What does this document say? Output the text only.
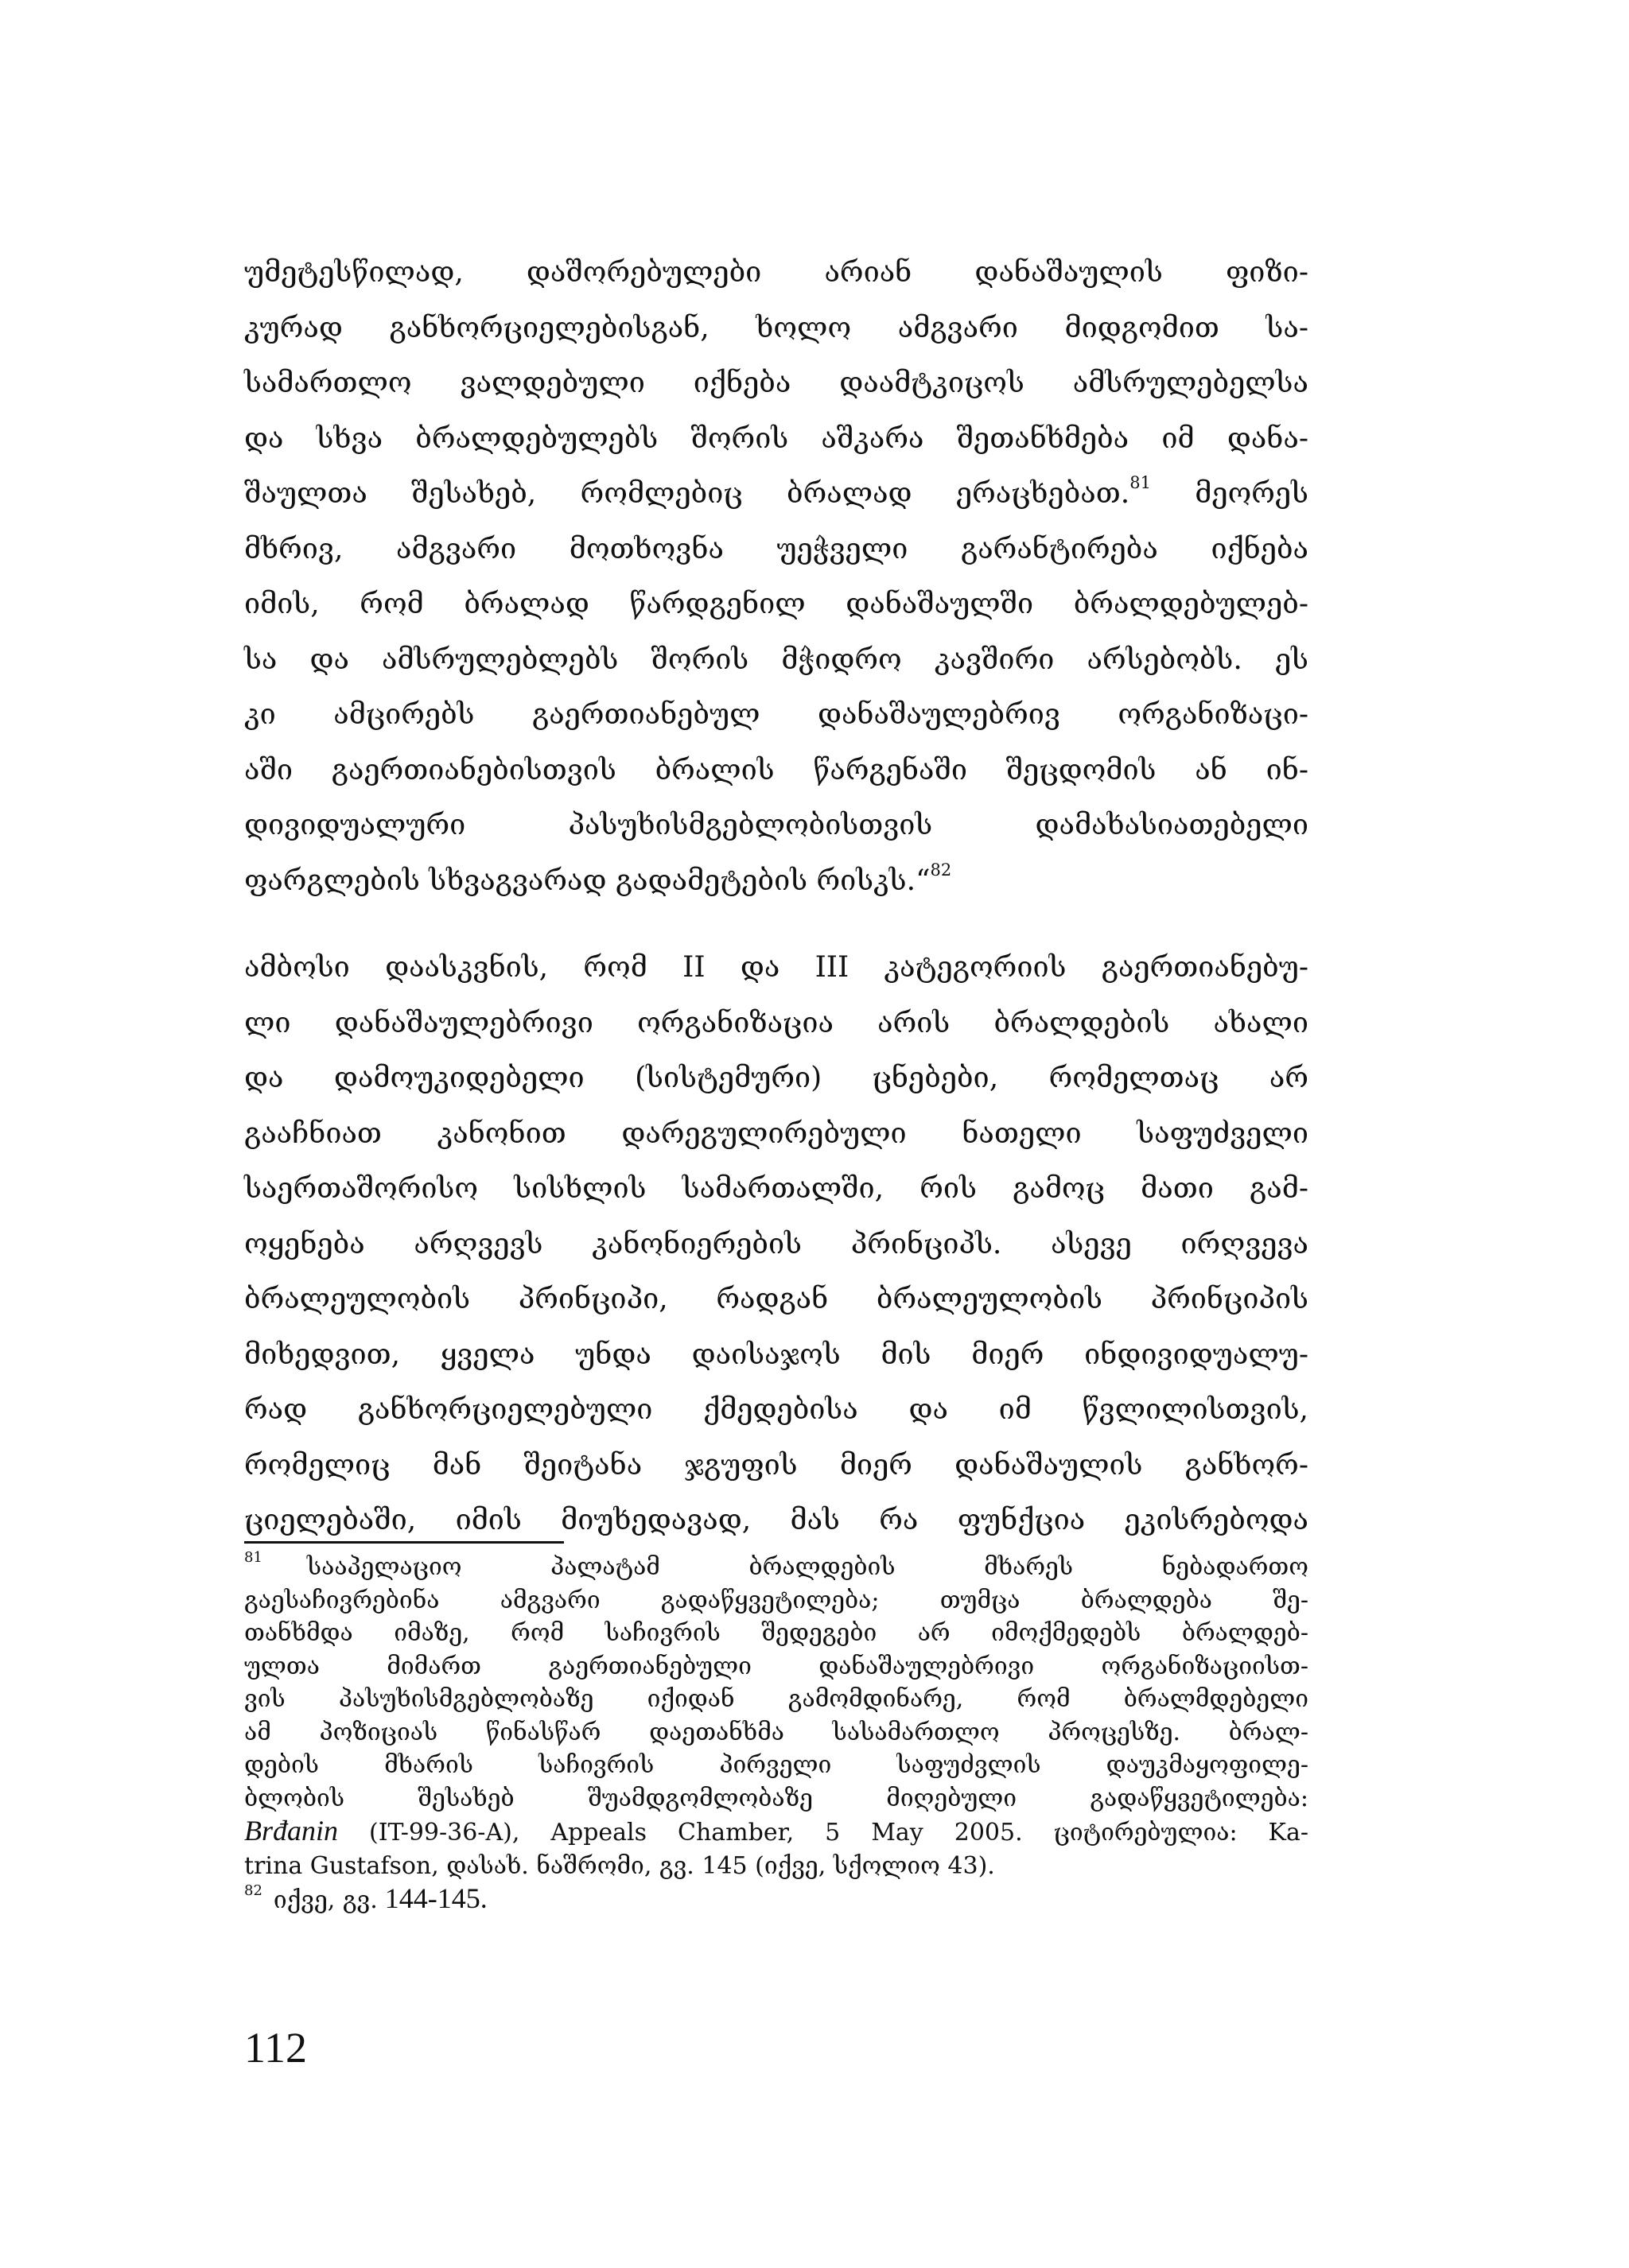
უმეტესწილად, დაშორებულები არიან დანაშაულის ფიზი-
კურად განხორციელებისგან, ხოლო ამგვარი მიდგომით სა-
სამართლო ვალდებული იქნება დაამტკიცოს ამსრულებელსა
და სხვა ბრალდებულებს შორის აშკარა შეთანხმება იმ დანა-
შაულთა შესახებ, რომლებიც ბრალად ერაცხებათ.$^{81}$ მეორეს
მხრივ, ამგვარი მოთხოვნა უეჭველი გარანტირება იქნება
იმის, რომ ბრალად წარდგენილ დანაშაულში ბრალდებულებ-
სა და ამსრულებლებს შორის მჭიდრო კავშირი არსებობს. ეს
კი ამცირებს გაერთიანებულ დანაშაულებრივ ორგანიზაცი-
აში გაერთიანებისთვის ბრალის წარგენაში შეცდომის ან ინ-
დივიდუალური პასუხისმგებლობისთვის დამახასიათებელი
ფარგლების სხვაგვარად გადამეტების რისკს.“$^{82}$

ამბოსი დაასკვნის, რომ II და III კატეგორიის გაერთიანებუ-
ლი დანაშაულებრივი ორგანიზაცია არის ბრალდების ახალი
და დამოუკიდებელი (სისტემური) ცნებები, რომელთაც არ
გააჩნიათ კანონით დარეგულირებული ნათელი საფუძველი
საერთაშორისო სისხლის სამართალში, რის გამოც მათი გამ-
ოყენება არღვევს კანონიერების პრინციპს. ასევე ირღვევა
ბრალეულობის პრინციპი, რადგან ბრალეულობის პრინციპის
მიხედვით, ყველა უნდა დაისაჯოს მის მიერ ინდივიდუალუ-
რად განხორციელებული ქმედებისა და იმ წვლილისთვის,
რომელიც მან შეიტანა ჯგუფის მიერ დანაშაულის განხორ-
ციელებაში, იმის მიუხედავად, მას რა ფუნქცია ეკისრებოდა

$^{81}$ სააპელაციო პალატამ ბრალდების მხარეს ნებადართო
გაესაჩივრებინა ამგვარი გადაწყვეტილება; თუმცა ბრალდება შე-
თანხმდა იმაზე, რომ საჩივრის შედეგები არ იმოქმედებს ბრალდებ-
ულთა მიმართ გაერთიანებული დანაშაულებრივი ორგანიზაციისთ-
ვის პასუხისმგებლობაზე იქიდან გამომდინარე, რომ ბრალმდებელი
ამ პოზიციას წინასწარ დაეთანხმა სასამართლო პროცესზე. ბრალ-
დების მხარის საჩივრის პირველი საფუძვლის დაუკმაყოფილე-
ბლობის შესახებ შუამდგომლობაზე მიღებული გადაწყვეტილება:
Brđanin (IT-99-36-A), Appeals Chamber, 5 May 2005. ციტირებულია: Ka-
trina Gustafson, დასახ. ნაშრომი, გვ. 145 (იქვე, სქოლიო 43).
$^{82}$ იქვე, გვ. 144-145.
112
